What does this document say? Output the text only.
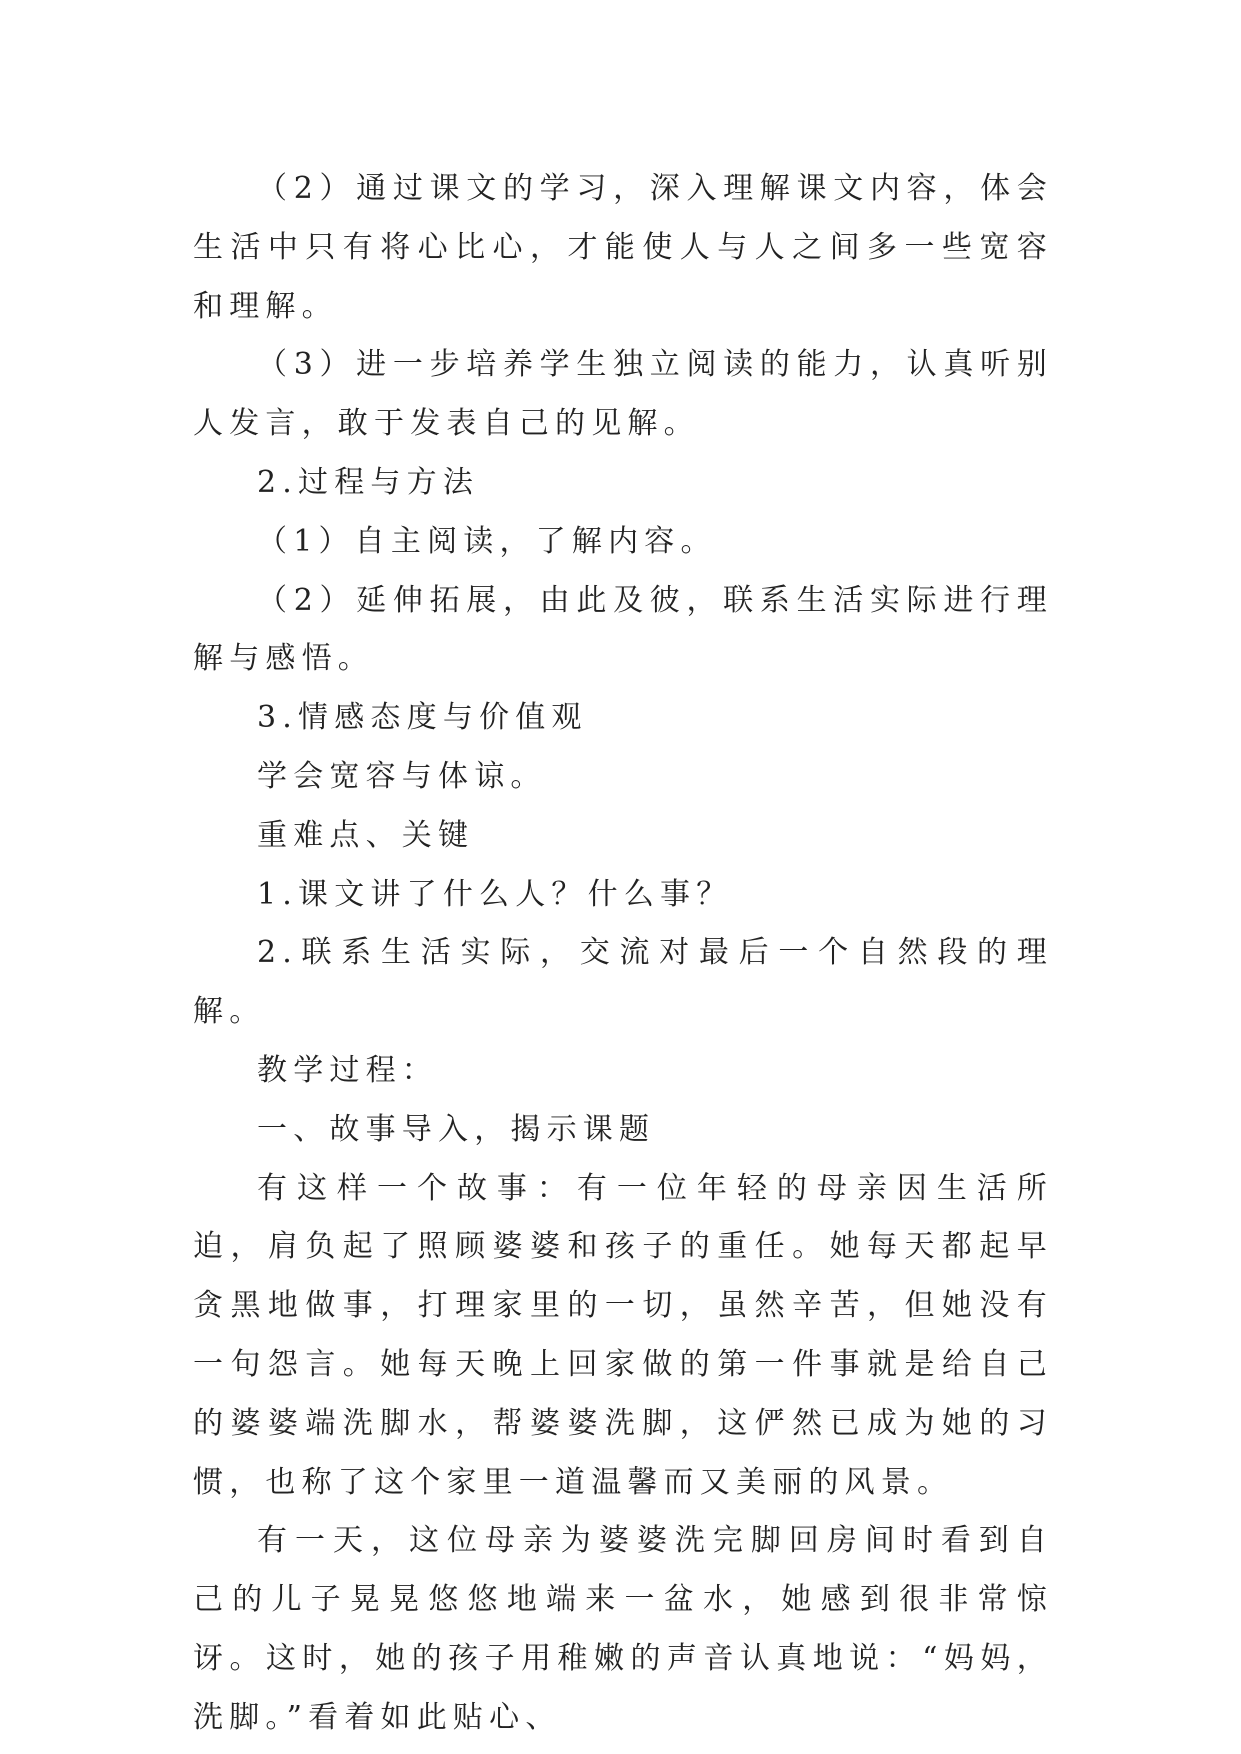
（2）通过课文的学习，深入理解课文内容，体会生活中只有将心比心，才能使人与人之间多一些宽容和理解。

（3）进一步培养学生独立阅读的能力，认真听别人发言，敢于发表自己的见解。

2.过程与方法

（1）自主阅读，了解内容。

（2）延伸拓展，由此及彼，联系生活实际进行理解与感悟。

3.情感态度与价值观

学会宽容与体谅。

重难点、关键

1.课文讲了什么人？什么事？

2.联系生活实际，交流对最后一个自然段的理解。

教学过程：

一、故事导入，揭示课题

有这样一个故事：有一位年轻的母亲因生活所迫，肩负起了照顾婆婆和孩子的重任。她每天都起早贪黑地做事，打理家里的一切，虽然辛苦，但她没有一句怨言。她每天晚上回家做的第一件事就是给自己的婆婆端洗脚水，帮婆婆洗脚，这俨然已成为她的习惯，也称了这个家里一道温馨而又美丽的风景。

有一天，这位母亲为婆婆洗完脚回房间时看到自己的儿子晃晃悠悠地端来一盆水，她感到很非常惊讶。这时，她的孩子用稚嫩的声音认真地说：“妈妈，洗脚。”看着如此贴心、
